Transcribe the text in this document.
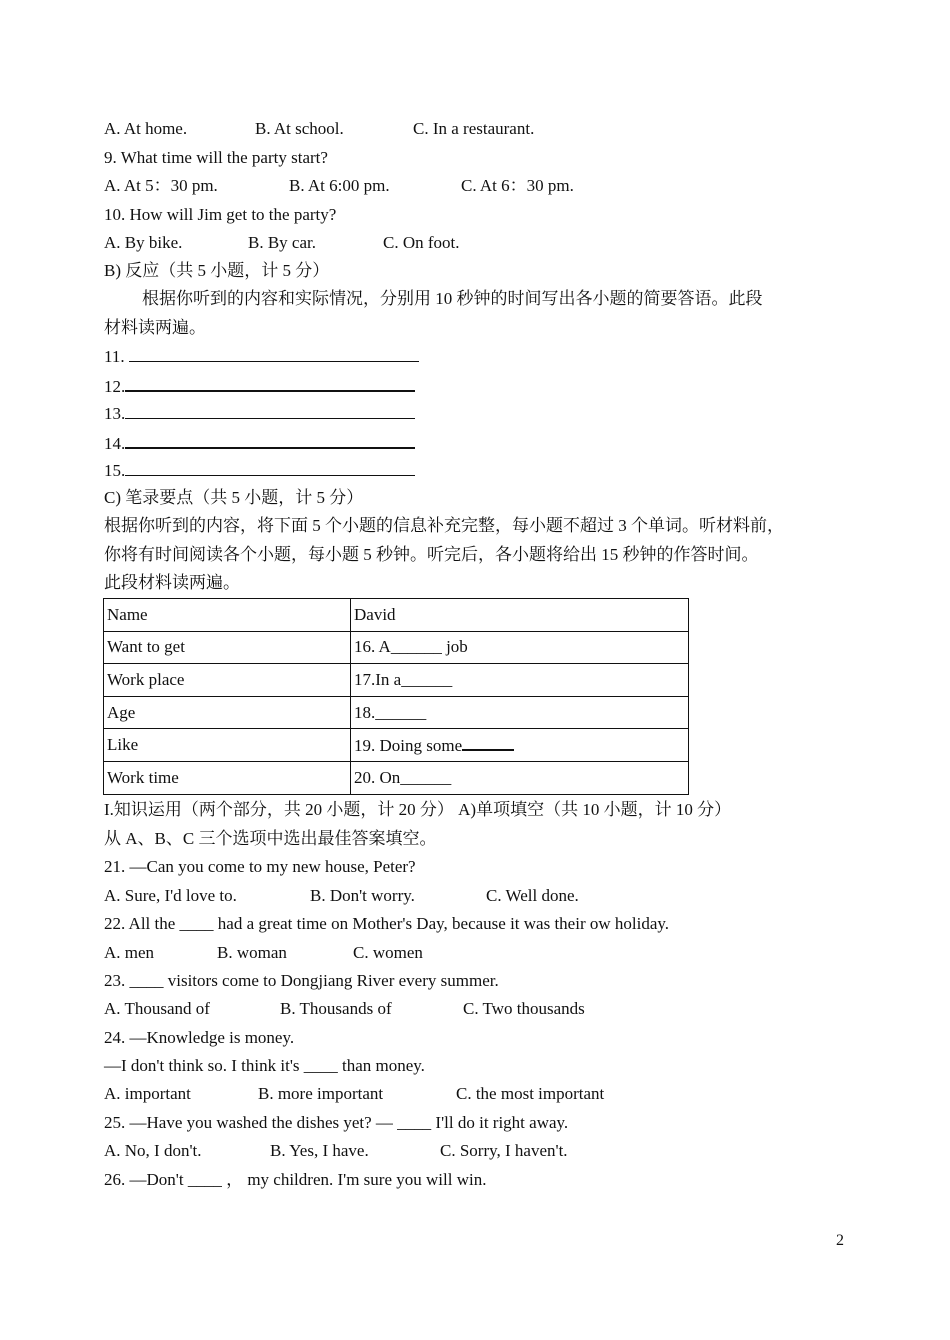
A. At home.	B. At school.	C. In a restaurant.
9. What time will the party start?
A. At 5：30 pm.	B. At 6:00 pm.	C. At 6：30 pm.
10. How will Jim get to the party?
A. By bike.	B. By car.	C. On foot.
B) 反应（共 5 小题，计 5 分）
根据你听到的内容和实际情况，分别用 10 秒钟的时间写出各小题的简要答语。此段
材料读两遍。
11.
12.
13.
14.
15.
C) 笔录要点（共 5 小题，计 5 分）
根据你听到的内容，将下面 5 个小题的信息补充完整，每小题不超过 3 个单词。听材料前，
你将有时间阅读各个小题，每小题 5 秒钟。听完后，各小题将给出 15 秒钟的作答时间。
此段材料读两遍。
Name	David
Want to get	16. A______ job
Work place	17.In a______
Age	18.______
Like	19. Doing some
Work time	20. On______
I.知识运用（两个部分，共 20 小题，计 20 分） A)单项填空（共 10 小题，计 10 分）
从 A、B、C 三个选项中选出最佳答案填空。
21. —Can you come to my new house, Peter?
A. Sure, I'd love to.	B. Don't worry.	C. Well done.
22. All the ____ had a great time on Mother's Day, because it was their ow holiday.
A. men	B. woman	C. women
23. ____ visitors come to Dongjiang River every summer.
A. Thousand of	B. Thousands of	C. Two thousands
24. —Knowledge is money.
—I don't think so. I think it's ____ than money.
A. important	B. more important	C. the most important
25. —Have you washed the dishes yet? — ____ I'll do it right away.
A. No, I don't.	B. Yes, I have.	C. Sorry, I haven't.
26. —Don't ____ ， my children. I'm sure you will win.
2
